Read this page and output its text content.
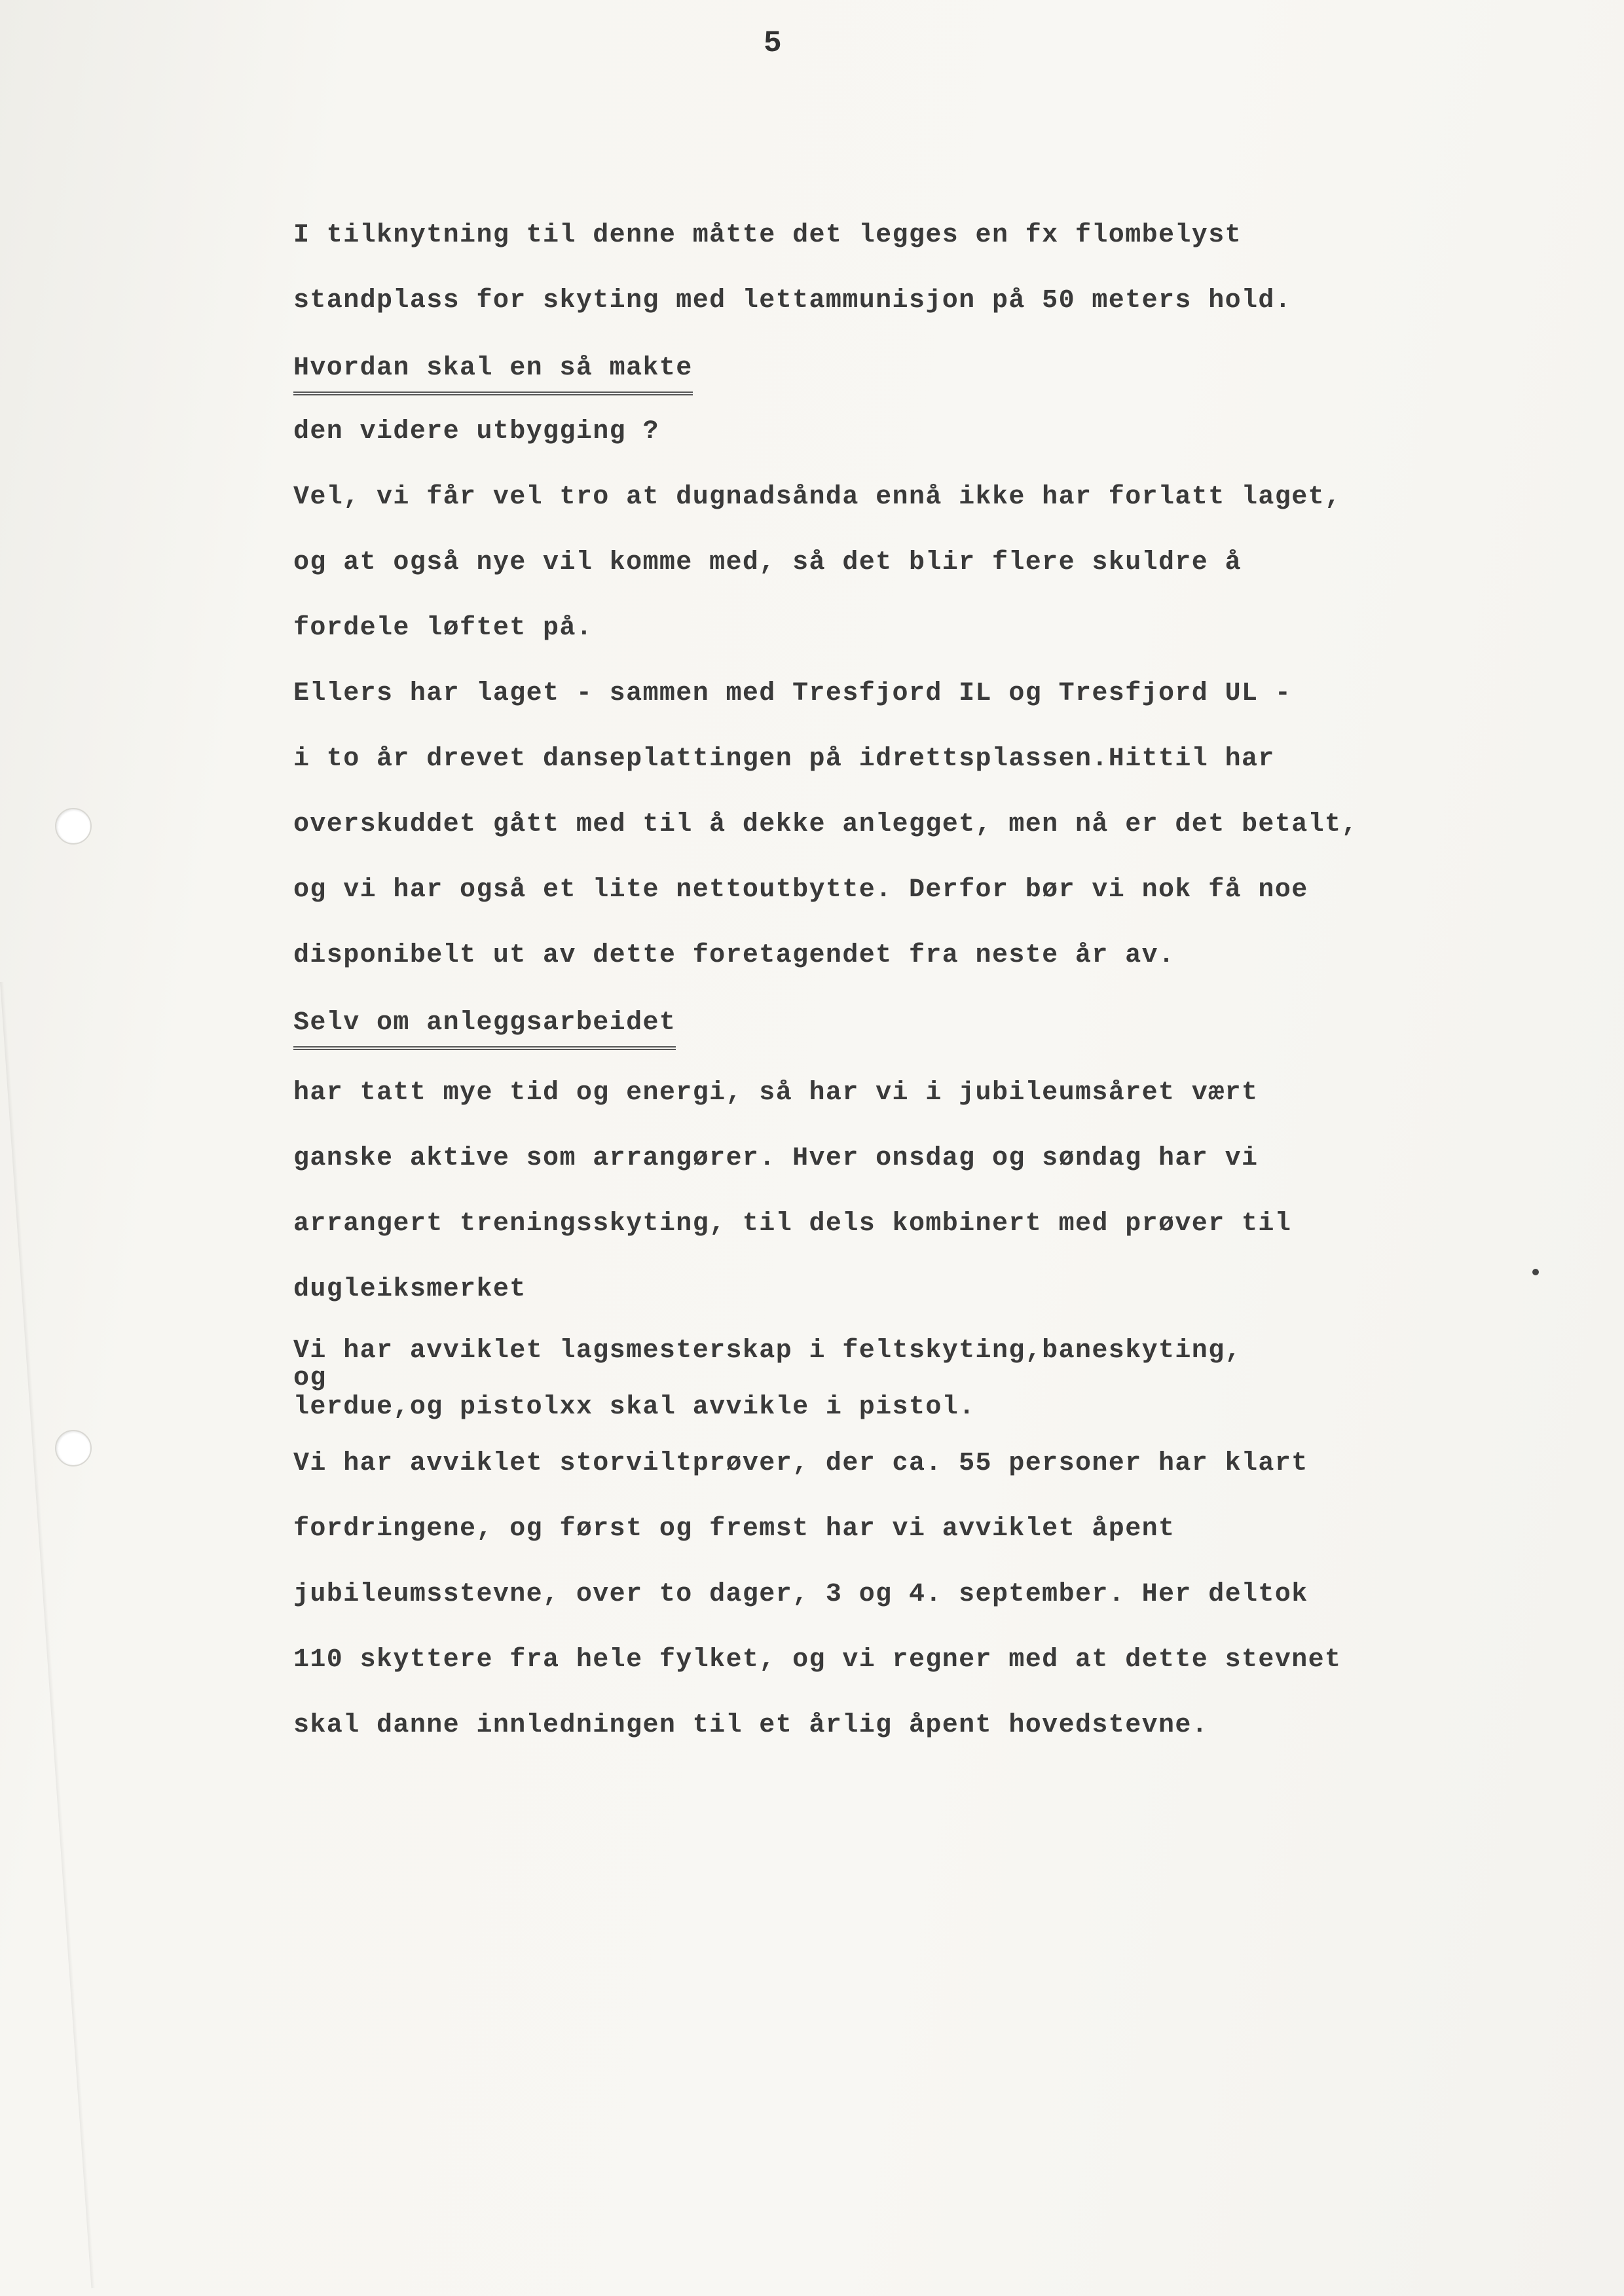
5
I tilknytning til denne måtte det legges en fx flombelyst
standplass for skyting med lettammunisjon på 50 meters hold.
Hvordan skal en så makte
den videre utbygging ?
Vel, vi får vel tro at dugnadsånda ennå ikke har forlatt laget,
og at også nye vil komme med, så det blir flere skuldre å
fordele løftet på.
Ellers har laget - sammen med Tresfjord IL og Tresfjord UL -
i to år drevet danseplattingen på idrettsplassen.Hittil har
overskuddet gått med til å dekke anlegget, men nå er det betalt,
og vi har også et lite nettoutbytte. Derfor bør vi nok få noe
disponibelt ut av dette foretagendet fra neste år av.
Selv om anleggsarbeidet
har tatt mye tid og energi, så har vi i jubileumsåret vært
ganske aktive som arrangører. Hver onsdag og søndag har vi
arrangert treningsskyting, til dels kombinert med prøver til
dugleiksmerket
Vi har avviklet lagsmesterskap i feltskyting,baneskyting,
og
lerdue,og pistolxx skal avvikle i pistol.
Vi har avviklet storviltprøver, der ca. 55 personer har klart
fordringene, og først og fremst har vi avviklet åpent
jubileumsstevne, over to dager, 3 og 4. september. Her deltok
110 skyttere fra hele fylket, og vi regner med at dette stevnet
skal danne innledningen til et årlig åpent hovedstevne.
